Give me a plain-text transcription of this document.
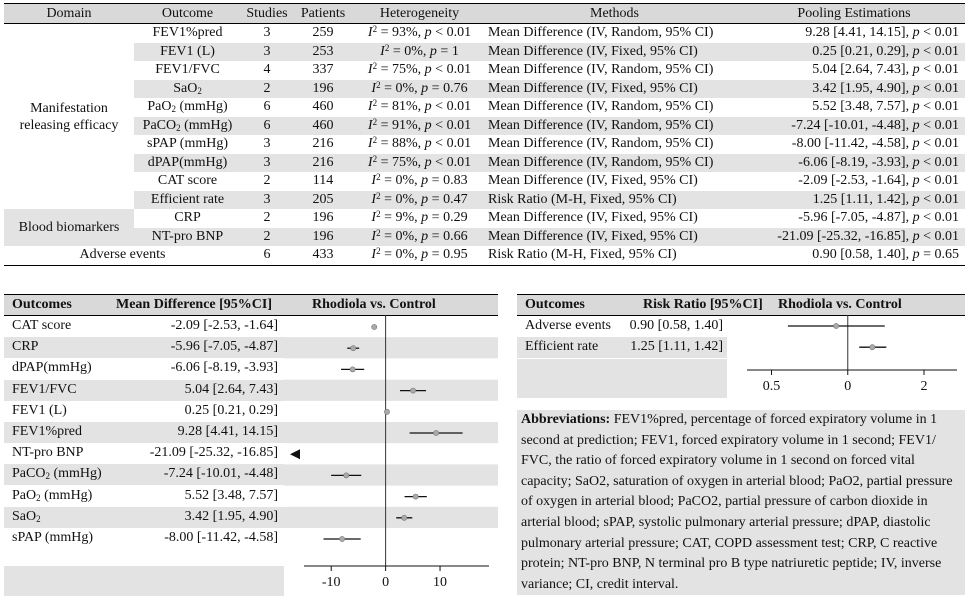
Domain	Outcome	Studies	Patients	Heterogeneity	Methods	Pooling Estimations
Manifestation releasing efficacy	FEV1%pred	3	259	$I^2 = 93\%$, p < 0.01	Mean Difference (IV, Random, 95% CI)	9.28 [4.41, 14.15], p < 0.01
	FEV1 (L)	3	253	$I^2 = 0\%$, p = 1	Mean Difference (IV, Fixed, 95% CI)	0.25 [0.21, 0.29], p < 0.01
	FEV1/FVC	4	337	$I^2 = 75\%$, p < 0.01	Mean Difference (IV, Random, 95% CI)	5.04 [2.64, 7.43], p < 0.01
	SaO$_2$	2	196	$I^2 = 0\%$, p = 0.76	Mean Difference (IV, Fixed, 95% CI)	3.42 [1.95, 4.90], p < 0.01
	PaO$_2$ (mmHg)	6	460	$I^2 = 81\%$, p < 0.01	Mean Difference (IV, Random, 95% CI)	5.52 [3.48, 7.57], p < 0.01
	PaCO$_2$ (mmHg)	6	460	$I^2 = 91\%$, p < 0.01	Mean Difference (IV, Random, 95% CI)	-7.24 [-10.01, -4.48], p < 0.01
	sPAP (mmHg)	3	216	$I^2 = 88\%$, p < 0.01	Mean Difference (IV, Random, 95% CI)	-8.00 [-11.42, -4.58], p < 0.01
	dPAP(mmHg)	3	216	$I^2 = 75\%$, p < 0.01	Mean Difference (IV, Random, 95% CI)	-6.06 [-8.19, -3.93], p < 0.01
	CAT score	2	114	$I^2 = 0\%$, p = 0.83	Mean Difference (IV, Fixed, 95% CI)	-2.09 [-2.53, -1.64], p < 0.01
	Efficient rate	3	205	$I^2 = 0\%$, p = 0.47	Risk Ratio (M-H, Fixed, 95% CI)	1.25 [1.11, 1.42], p < 0.01
Blood biomarkers	CRP	2	196	$I^2 = 9\%$, p = 0.29	Mean Difference (IV, Fixed, 95% CI)	-5.96 [-7.05, -4.87], p < 0.01
	NT-pro BNP	2	196	$I^2 = 0\%$, p = 0.66	Mean Difference (IV, Fixed, 95% CI)	-21.09 [-25.32, -16.85], p < 0.01
Adverse events		6	433	$I^2 = 0\%$, p = 0.95	Risk Ratio (M-H, Fixed, 95% CI)	0.90 [0.58, 1.40], p = 0.65
Outcomes	Mean Difference [95%CI]	Rhodiola vs. Control
CAT score	-2.09 [-2.53, -1.64]
CRP	-5.96 [-7.05, -4.87]
dPAP(mmHg)	-6.06 [-8.19, -3.93]
FEV1/FVC	5.04 [2.64, 7.43]
FEV1 (L)	0.25 [0.21, 0.29]
FEV1%pred	9.28 [4.41, 14.15]
NT-pro BNP	-21.09 [-25.32, -16.85]
PaCO$_2$ (mmHg)	-7.24 [-10.01, -4.48]
PaO$_2$ (mmHg)	5.52 [3.48, 7.57]
SaO$_2$	3.42 [1.95, 4.90]
sPAP (mmHg)	-8.00 [-11.42, -4.58]
-10	0	10
Outcomes	Risk Ratio [95%CI] Rhodiola vs. Control
Adverse events 0.90 [0.58, 1.40]
Efficient rate 1.25 [1.11, 1.42]
0.5	0	2
Abbreviations: FEV1%pred, percentage of forced expiratory volume in 1 second at prediction; FEV1, forced expiratory volume in 1 second; FEV1/ FVC, the ratio of forced expiratory volume in 1 second on forced vital capacity; SaO2, saturation of oxygen in arterial blood; PaO2, partial pressure of oxygen in arterial blood; PaCO2, partial pressure of carbon dioxide in arterial blood; sPAP, systolic pulmonary arterial pressure; dPAP, diastolic pulmonary arterial pressure; CAT, COPD assessment test; CRP, C reactive protein; NT-pro BNP, N terminal pro B type natriuretic peptide; IV, inverse variance; CI, credit interval.
